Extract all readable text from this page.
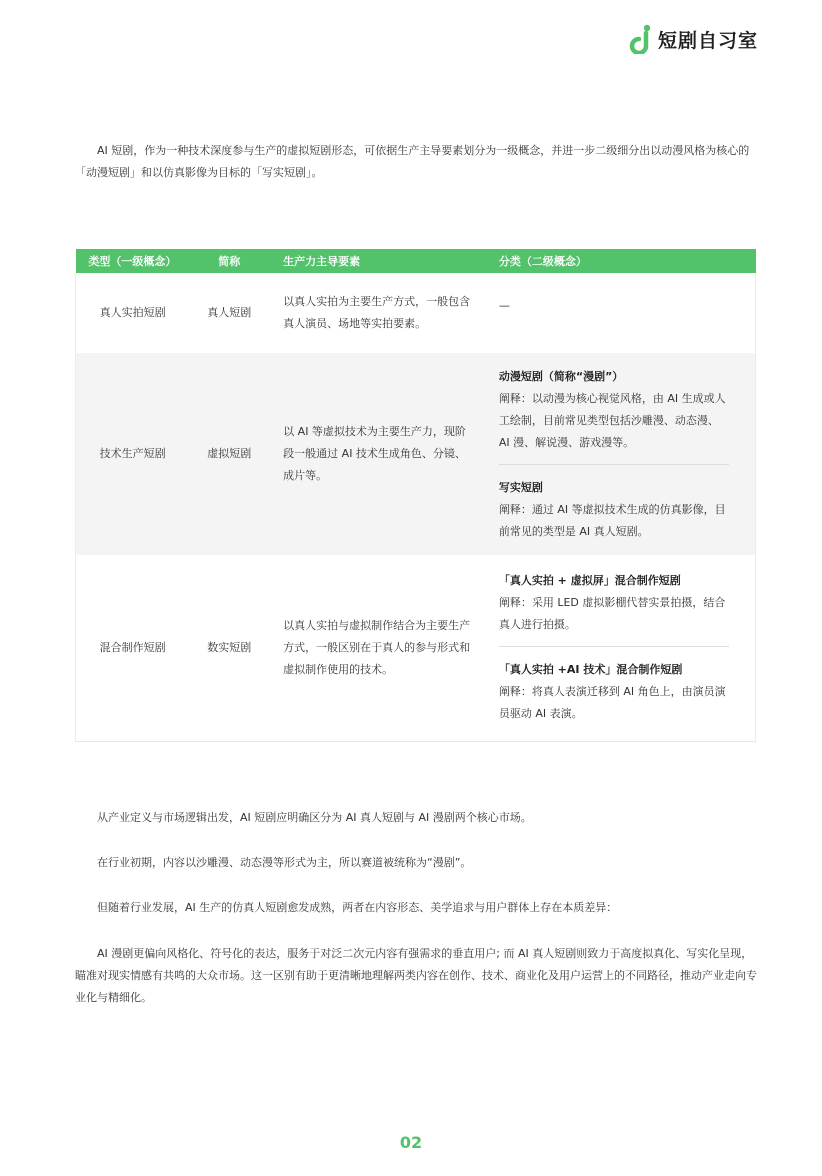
短剧自习室

AI 短剧，作为一种技术深度参与生产的虚拟短剧形态，可依据生产主导要素划分为一级概念，并进一步二级细分出以动漫风格为核心的「动漫短剧」和以仿真影像为目标的「写实短剧」。

类型（一级概念）	简称	生产力主导要素	分类（二级概念）
真人实拍短剧	真人短剧	以真人实拍为主要生产方式，一般包含真人演员、场地等实拍要素。	—
技术生产短剧	虚拟短剧	以 AI 等虚拟技术为主要生产力，现阶段一般通过 AI 技术生成角色、分镜、成片等。	动漫短剧（简称“漫剧”）
阐释：以动漫为核心视觉风格，由 AI 生成或人工绘制，目前常见类型包括沙雕漫、动态漫、AI 漫、解说漫、游戏漫等。
写实短剧
阐释：通过 AI 等虚拟技术生成的仿真影像，目前常见的类型是 AI 真人短剧。

混合制作短剧	数实短剧	以真人实拍与虚拟制作结合为主要生产方式，一般区别在于真人的参与形式和虚拟制作使用的技术。	「真人实拍 + 虚拟屏」混合制作短剧
阐释：采用 LED 虚拟影棚代替实景拍摄，结合真人进行拍摄。
「真人实拍 +AI 技术」混合制作短剧
阐释：将真人表演迁移到 AI 角色上，由演员演员驱动 AI 表演。

从产业定义与市场逻辑出发，AI 短剧应明确区分为 AI 真人短剧与 AI 漫剧两个核心市场。

在行业初期，内容以沙雕漫、动态漫等形式为主，所以赛道被统称为“漫剧”。

但随着行业发展，AI 生产的仿真人短剧愈发成熟，两者在内容形态、美学追求与用户群体上存在本质差异：

AI 漫剧更偏向风格化、符号化的表达，服务于对泛二次元内容有强需求的垂直用户; 而 AI 真人短剧则致力于高度拟真化、写实化呈现，瞄准对现实情感有共鸣的大众市场。这一区别有助于更清晰地理解两类内容在创作、技术、商业化及用户运营上的不同路径，推动产业走向专业化与精细化。

02
